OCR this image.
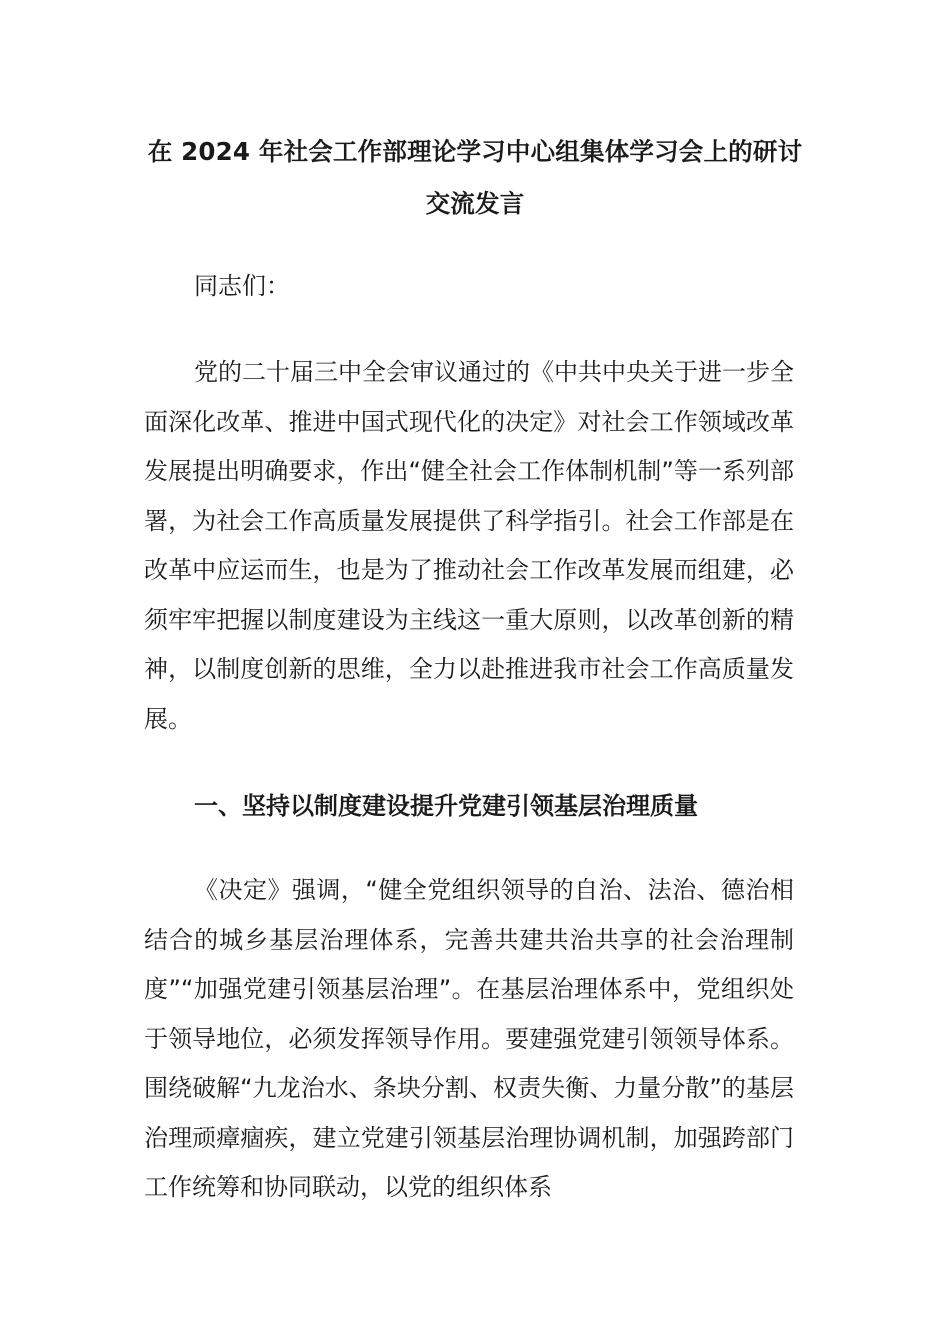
在 2024 年社会工作部理论学习中心组集体学习会上的研讨交流发言

同志们：

党的二十届三中全会审议通过的《中共中央关于进一步全面深化改革、推进中国式现代化的决定》对社会工作领域改革发展提出明确要求，作出“健全社会工作体制机制”等一系列部署，为社会工作高质量发展提供了科学指引。社会工作部是在改革中应运而生，也是为了推动社会工作改革发展而组建，必须牢牢把握以制度建设为主线这一重大原则，以改革创新的精神，以制度创新的思维，全力以赴推进我市社会工作高质量发展。

一、坚持以制度建设提升党建引领基层治理质量

《决定》强调，“健全党组织领导的自治、法治、德治相结合的城乡基层治理体系，完善共建共治共享的社会治理制度”“加强党建引领基层治理”。在基层治理体系中，党组织处于领导地位，必须发挥领导作用。要建强党建引领领导体系。围绕破解“九龙治水、条块分割、权责失衡、力量分散”的基层治理顽瘴痼疾，建立党建引领基层治理协调机制，加强跨部门工作统筹和协同联动，以党的组织体系
